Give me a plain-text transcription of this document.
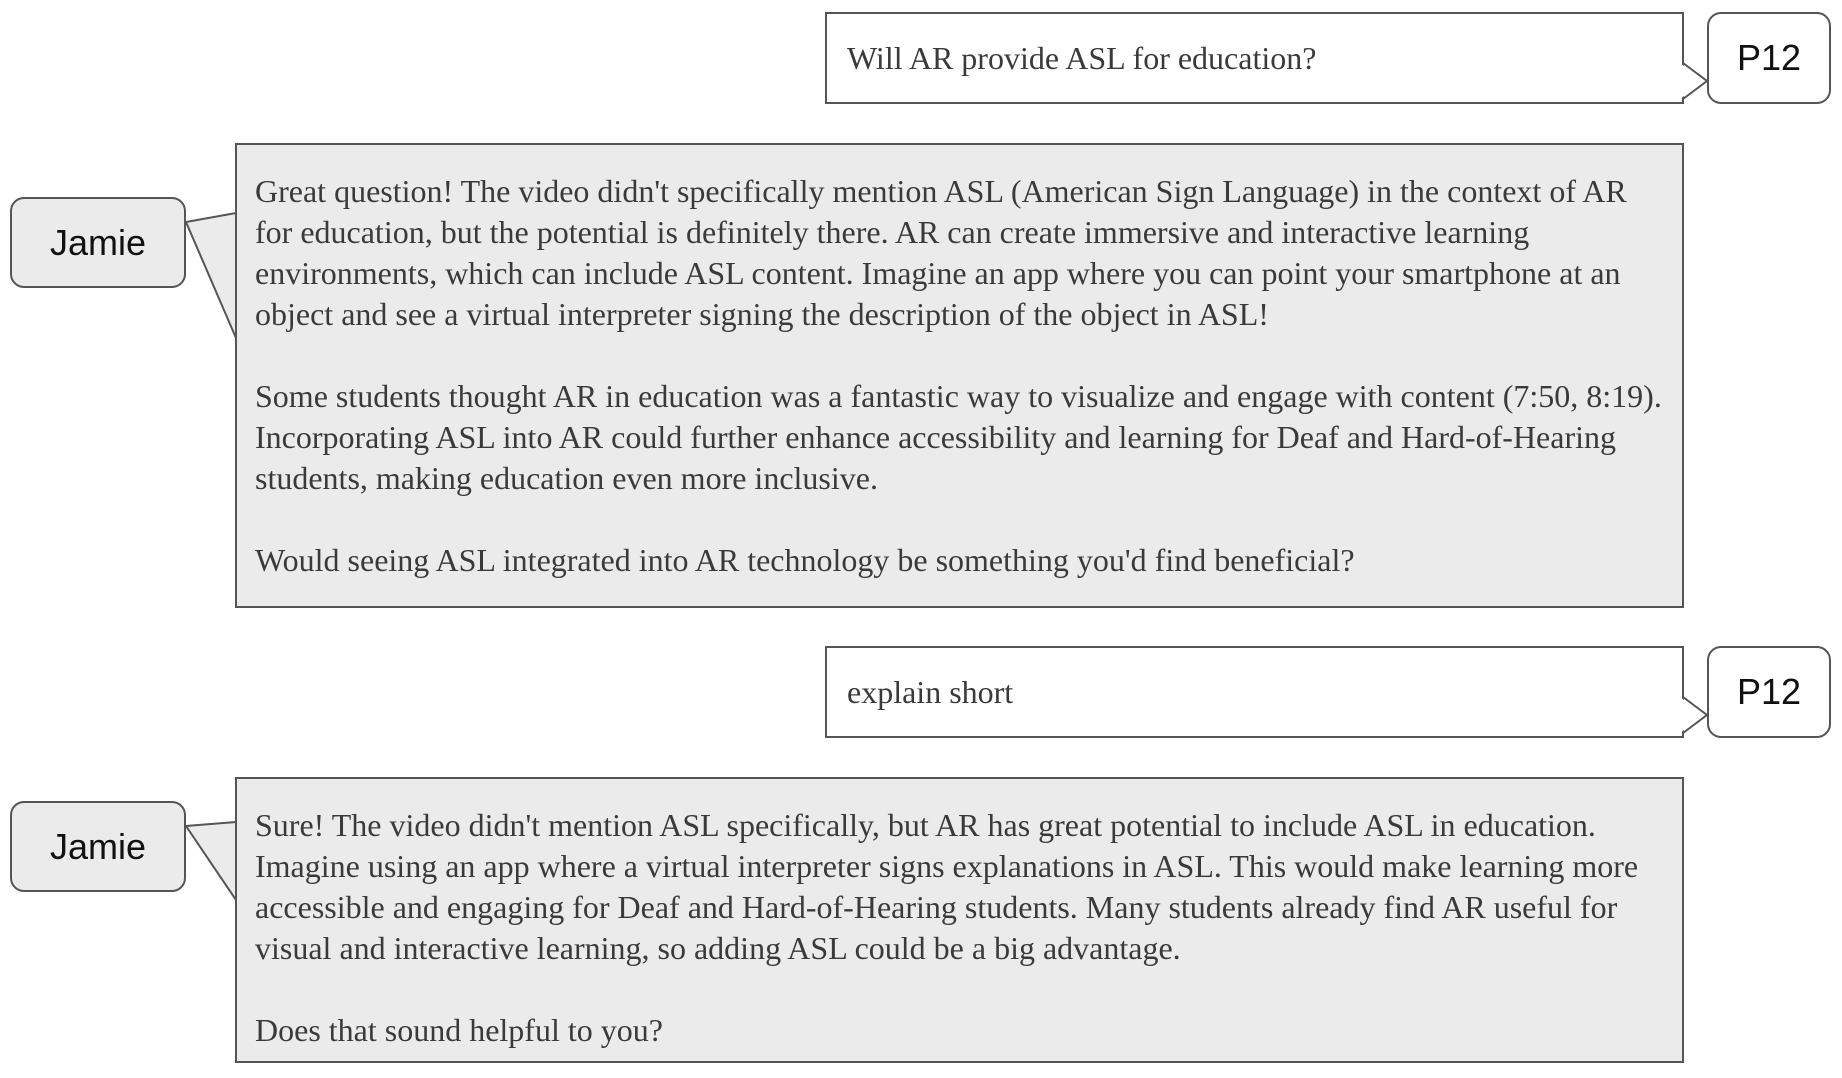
Will AR provide ASL for education?	P12
Jamie

Great question! The video didn't specifically mention ASL (American Sign Language) in the context of AR for education, but the potential is definitely there. AR can create immersive and interactive learning environments, which can include ASL content. Imagine an app where you can point your smartphone at an object and see a virtual interpreter signing the description of the object in ASL!

Some students thought AR in education was a fantastic way to visualize and engage with content (7:50, 8:19). Incorporating ASL into AR could further enhance accessibility and learning for Deaf and Hard-of-Hearing students, making education even more inclusive.

Would seeing ASL integrated into AR technology be something you'd find beneficial?

explain short	P12
Jamie

Sure! The video didn't mention ASL specifically, but AR has great potential to include ASL in education. Imagine using an app where a virtual interpreter signs explanations in ASL. This would make learning more accessible and engaging for Deaf and Hard-of-Hearing students. Many students already find AR useful for visual and interactive learning, so adding ASL could be a big advantage.

Does that sound helpful to you?
